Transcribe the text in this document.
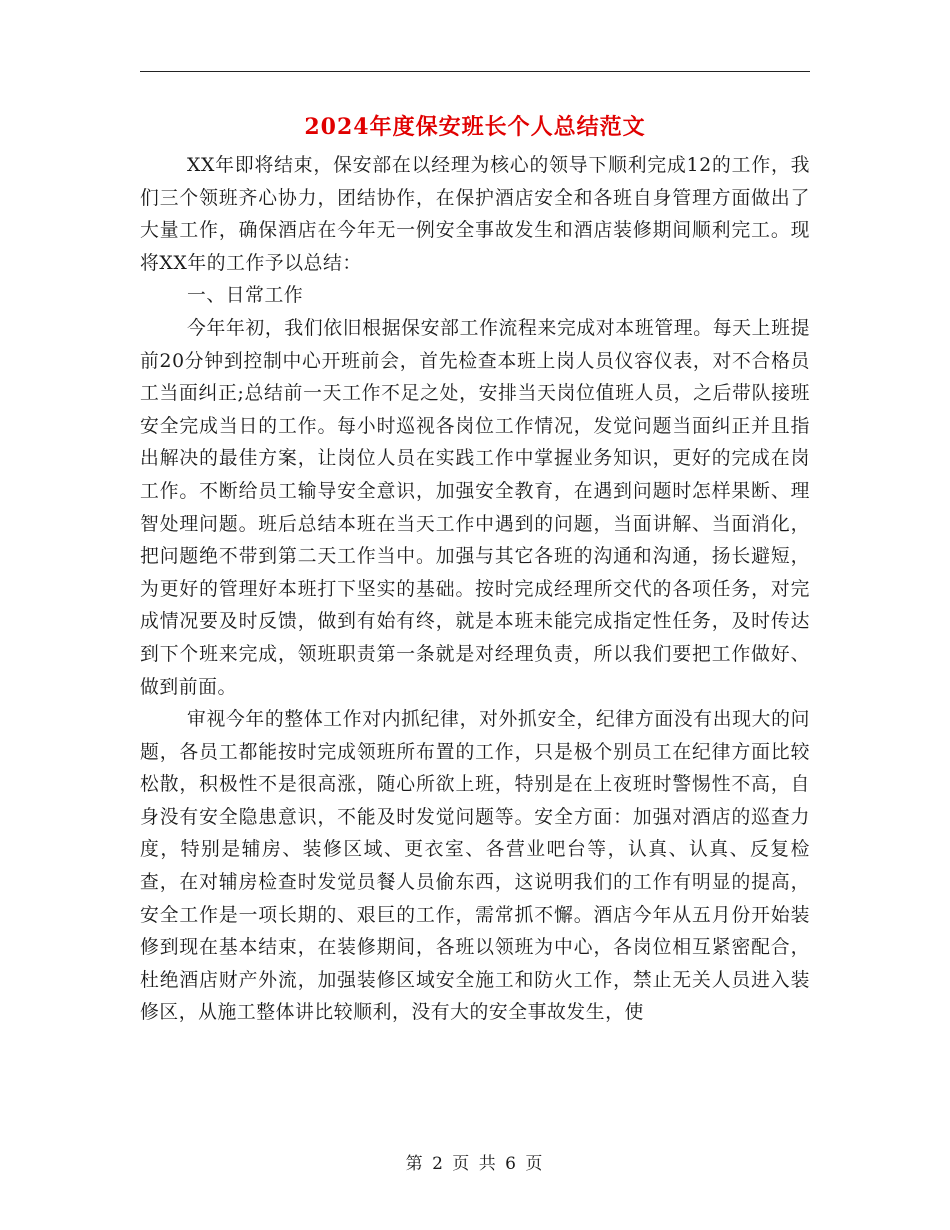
2024年度保安班长个人总结范文

XX年即将结束，保安部在以经理为核心的领导下顺利完成12的工作，我们三个领班齐心协力，团结协作，在保护酒店安全和各班自身管理方面做出了大量工作，确保酒店在今年无一例安全事故发生和酒店装修期间顺利完工。现将XX年的工作予以总结：

一、日常工作

今年年初，我们依旧根据保安部工作流程来完成对本班管理。每天上班提前20分钟到控制中心开班前会，首先检查本班上岗人员仪容仪表，对不合格员工当面纠正;总结前一天工作不足之处，安排当天岗位值班人员，之后带队接班安全完成当日的工作。每小时巡视各岗位工作情况，发觉问题当面纠正并且指出解决的最佳方案，让岗位人员在实践工作中掌握业务知识，更好的完成在岗工作。不断给员工输导安全意识，加强安全教育，在遇到问题时怎样果断、理智处理问题。班后总结本班在当天工作中遇到的问题，当面讲解、当面消化，把问题绝不带到第二天工作当中。加强与其它各班的沟通和沟通，扬长避短，为更好的管理好本班打下坚实的基础。按时完成经理所交代的各项任务，对完成情况要及时反馈，做到有始有终，就是本班未能完成指定性任务，及时传达到下个班来完成，领班职责第一条就是对经理负责，所以我们要把工作做好、做到前面。

审视今年的整体工作对内抓纪律，对外抓安全，纪律方面没有出现大的问题，各员工都能按时完成领班所布置的工作，只是极个别员工在纪律方面比较松散，积极性不是很高涨，随心所欲上班，特别是在上夜班时警惕性不高，自身没有安全隐患意识，不能及时发觉问题等。安全方面：加强对酒店的巡查力度，特别是辅房、装修区域、更衣室、各营业吧台等，认真、认真、反复检查，在对辅房检查时发觉员餐人员偷东西，这说明我们的工作有明显的提高，安全工作是一项长期的、艰巨的工作，需常抓不懈。酒店今年从五月份开始装修到现在基本结束，在装修期间，各班以领班为中心，各岗位相互紧密配合，杜绝酒店财产外流，加强装修区域安全施工和防火工作，禁止无关人员进入装修区，从施工整体讲比较顺利，没有大的安全事故发生，使

第 2 页 共 6 页
